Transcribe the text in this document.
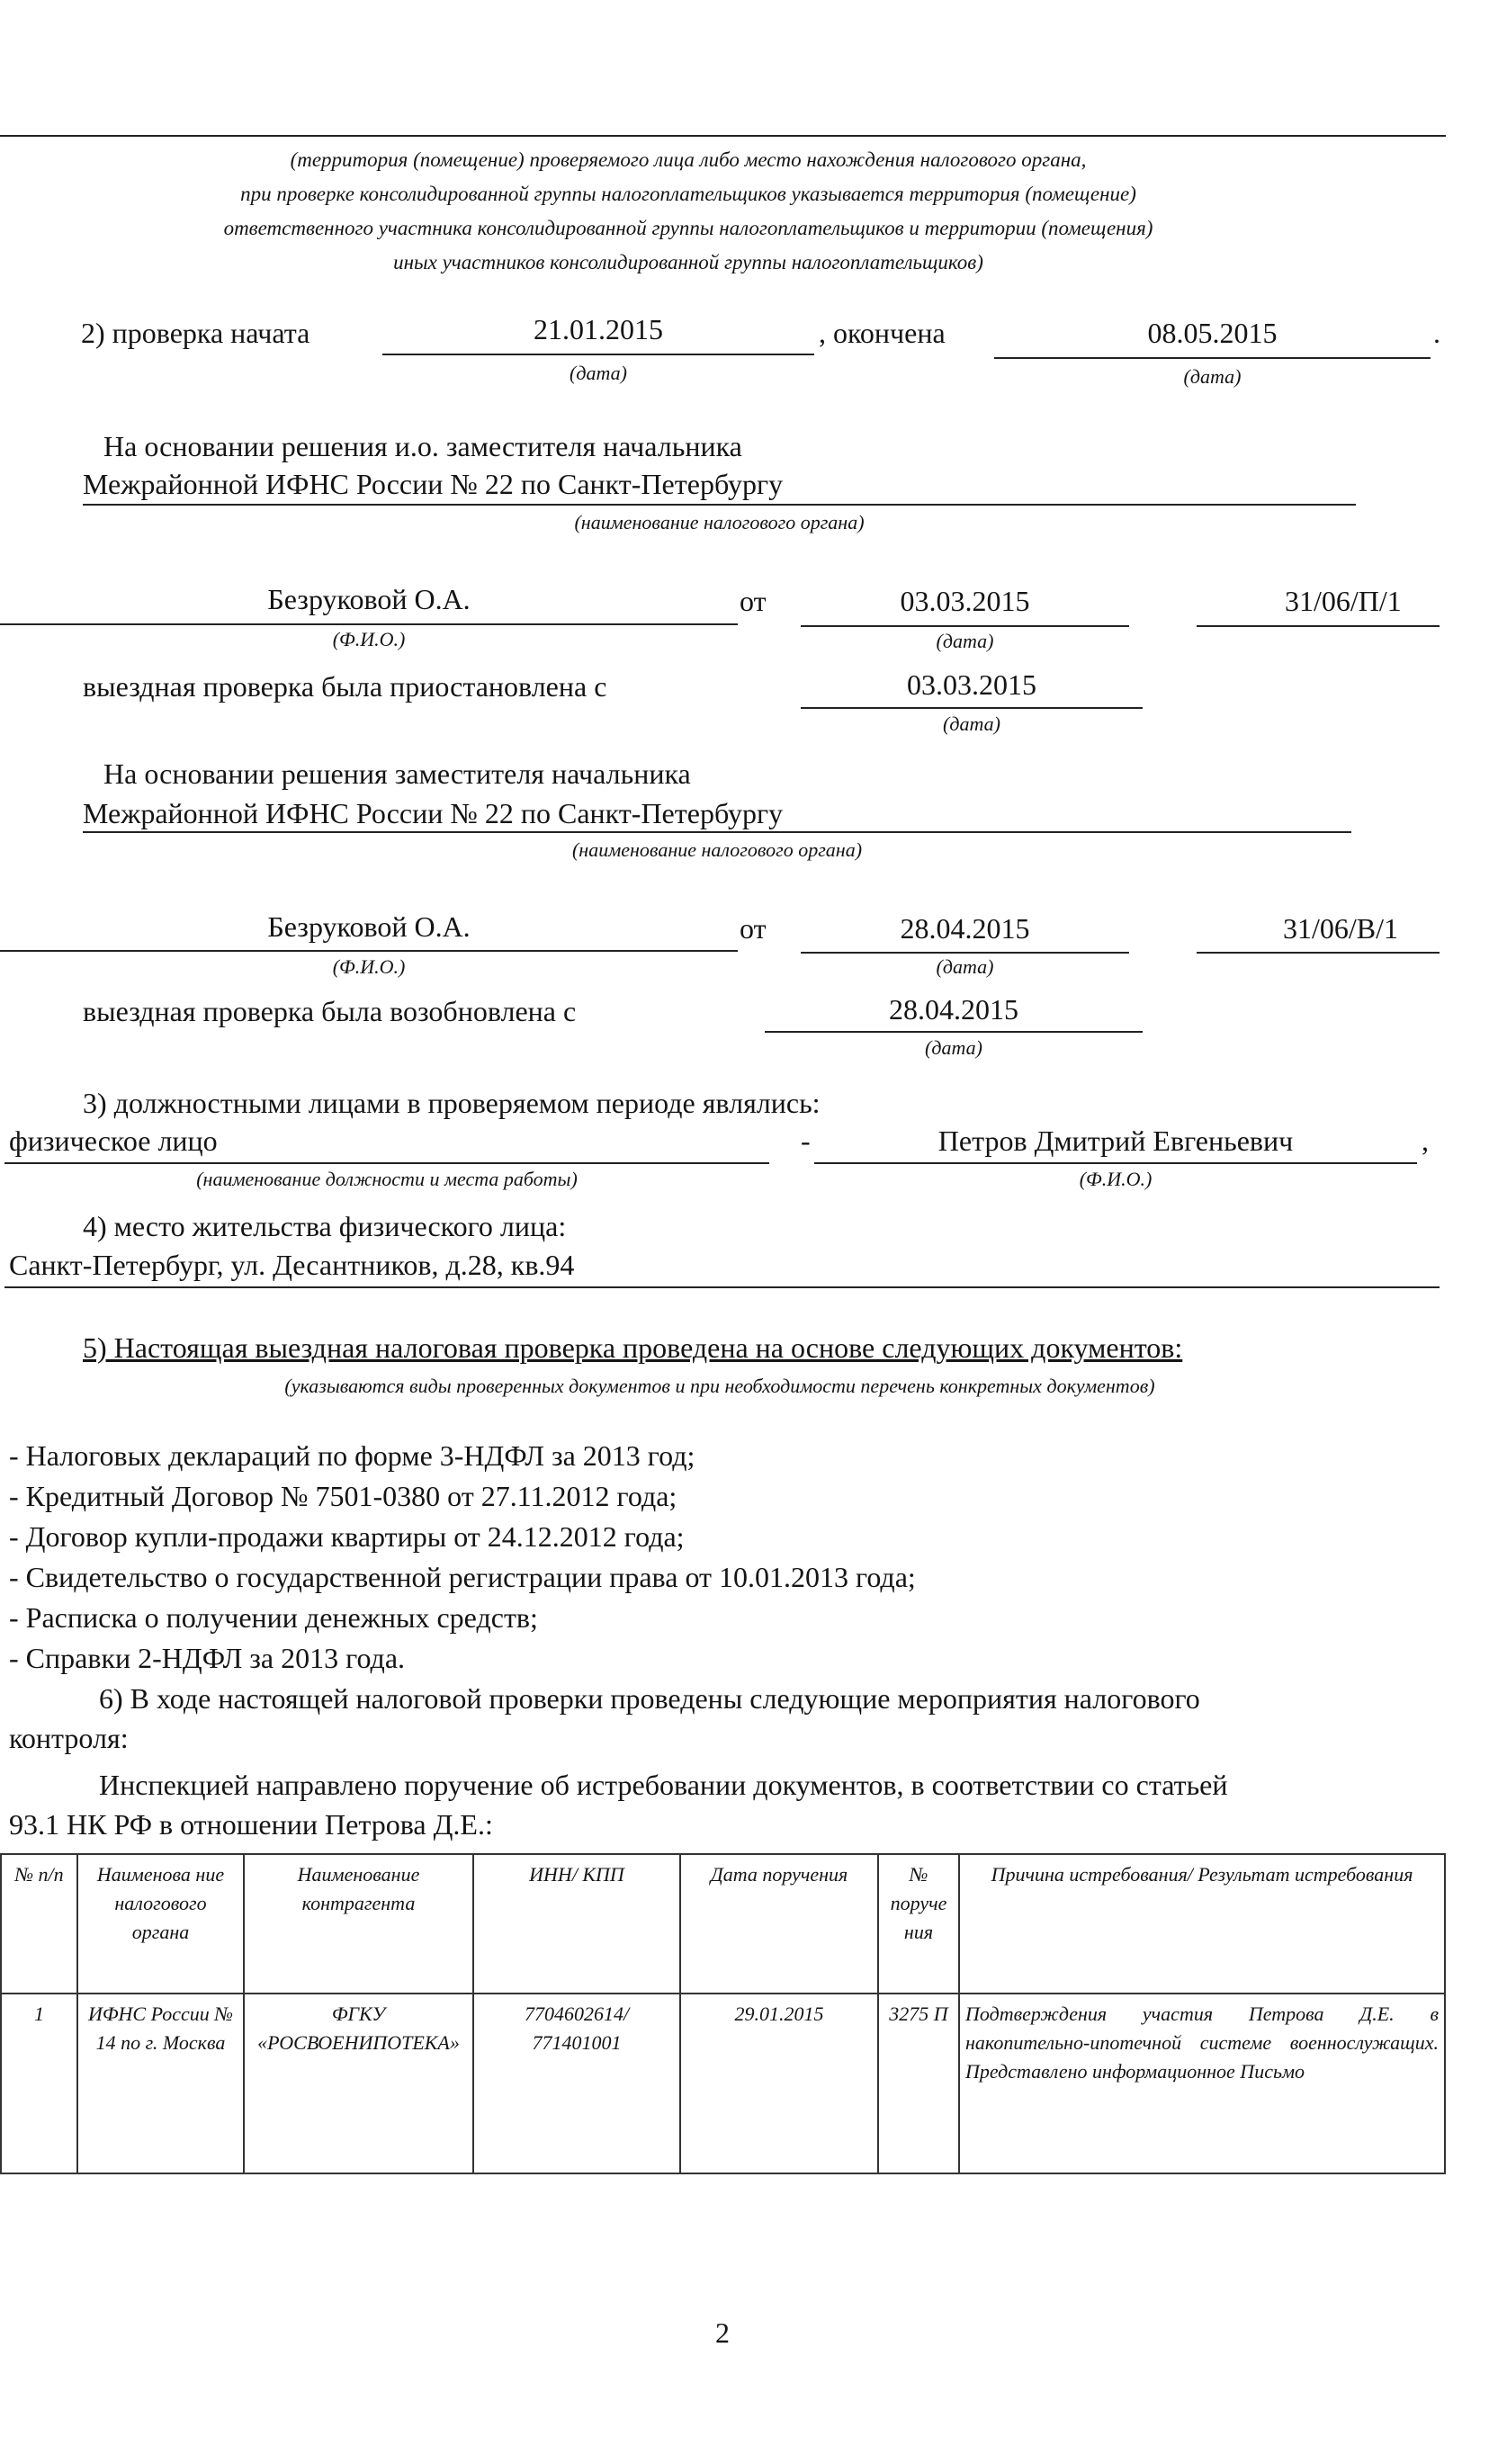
(территория (помещение) проверяемого лица либо место нахождения налогового органа,
при проверке консолидированной группы налогоплательщиков указывается территория (помещение)
ответственного участника консолидированной группы налогоплательщиков и территории (помещения)
иных участников консолидированной группы налогоплательщиков)
2) проверка начата	21.01.2015
(дата)
, окончена	08.05.2015	.
(дата)
На основании решения и.о. заместителя начальника
Межрайонной ИФНС России № 22 по Санкт-Петербургу
(наименование налогового органа)
Безруковой О.А.
(Ф.И.О.)
от	03.03.2015
(дата)
31/06/П/1
выездная проверка была приостановлена с	03.03.2015
(дата)
На основании решения заместителя начальника
Межрайонной ИФНС России № 22 по Санкт-Петербургу
(наименование налогового органа)
Безруковой О.А.
(Ф.И.О.)
от	28.04.2015
(дата)
31/06/В/1
выездная проверка была возобновлена с	28.04.2015
(дата)
3) должностными лицами в проверяемом периоде являлись:
физическое лицо
(наименование должности и места работы)
-	Петров Дмитрий Евгеньевич
(Ф.И.О.)
,
4) место жительства физического лица:
Санкт-Петербург, ул. Десантников, д.28, кв.94
5) Настоящая выездная налоговая проверка проведена на основе следующих документов:
(указываются виды проверенных документов и при необходимости перечень конкретных документов)
- Налоговых деклараций по форме 3-НДФЛ за 2013 год;
- Кредитный Договор № 7501-0380 от 27.11.2012 года;
- Договор купли-продажи квартиры от 24.12.2012 года;
- Свидетельство о государственной регистрации права от 10.01.2013 года;
- Расписка о получении денежных средств;
- Справки 2-НДФЛ за 2013 года.
6) В ходе настоящей налоговой проверки проведены следующие мероприятия налогового
контроля:
Инспекцией направлено поручение об истребовании документов, в соответствии со статьей
93.1 НК РФ в отношении Петрова Д.Е.:
№ п/п	Наименова ние налогового органа	Наименование контрагента	ИНН/ КПП	Дата поручения	№ поруче ния	Причина истребования/ Результат истребования
1	ИФНС России № 14 по г. Москва	ФГКУ «РОСВОЕНИПОТЕКА»	7704602614/ 771401001	29.01.2015	3275 П	Подтверждения участия Петрова Д.Е. в накопительно-ипотечной системе военнослужащих. Представлено информационное Письмо
2
